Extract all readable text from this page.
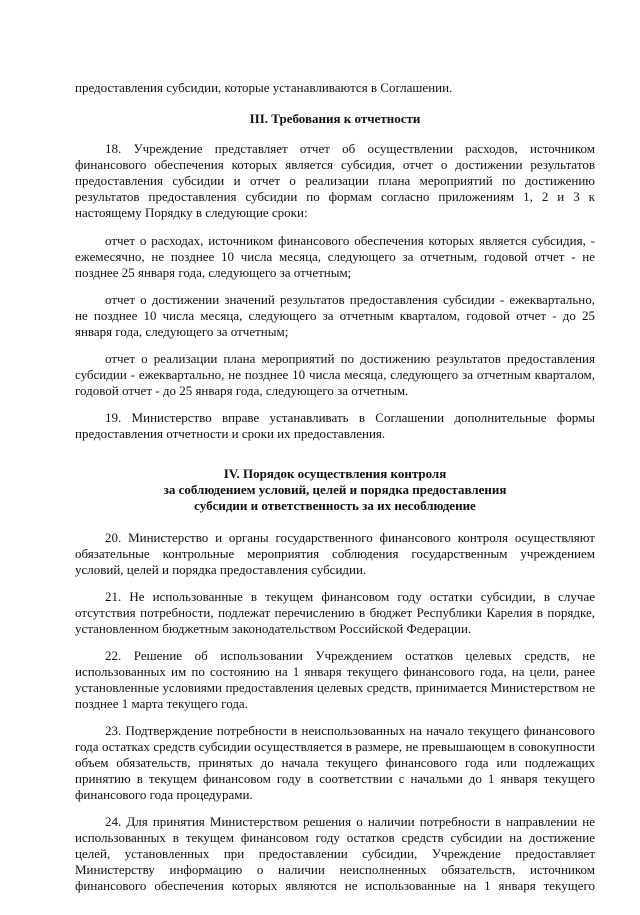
предоставления субсидии, которые устанавливаются в Соглашении.
III. Требования к отчетности
18. Учреждение представляет отчет об осуществлении расходов, источником
финансового обеспечения которых является субсидия, отчет о достижении результатов
предоставления субсидии и отчет о реализации плана мероприятий по достижению
результатов предоставления субсидии по формам согласно приложениям 1, 2 и 3 к
настоящему Порядку в следующие сроки:
отчет о расходах, источником финансового обеспечения которых является субсидия, -
ежемесячно, не позднее 10 числа месяца, следующего за отчетным, годовой отчет - не
позднее 25 января года, следующего за отчетным;
отчет о достижении значений результатов предоставления субсидии - ежеквартально,
не позднее 10 числа месяца, следующего за отчетным кварталом, годовой отчет - до 25
января года, следующего за отчетным;
отчет о реализации плана мероприятий по достижению результатов предоставления
субсидии - ежеквартально, не позднее 10 числа месяца, следующего за отчетным кварталом,
годовой отчет - до 25 января года, следующего за отчетным.
19. Министерство вправе устанавливать в Соглашении дополнительные формы
предоставления отчетности и сроки их предоставления.
IV. Порядок осуществления контроля
за соблюдением условий, целей и порядка предоставления
субсидии и ответственность за их несоблюдение
20. Министерство и органы государственного финансового контроля осуществляют
обязательные контрольные мероприятия соблюдения государственным учреждением
условий, целей и порядка предоставления субсидии.
21. Не использованные в текущем финансовом году остатки субсидии, в случае
отсутствия потребности, подлежат перечислению в бюджет Республики Карелия в порядке,
установленном бюджетным законодательством Российской Федерации.
22. Решение об использовании Учреждением остатков целевых средств, не
использованных им по состоянию на 1 января текущего финансового года, на цели, ранее
установленные условиями предоставления целевых средств, принимается Министерством не
позднее 1 марта текущего года.
23. Подтверждение потребности в неиспользованных на начало текущего финансового
года остатках средств субсидии осуществляется в размере, не превышающем в совокупности
объем обязательств, принятых до начала текущего финансового года или подлежащих
принятию в текущем финансовом году в соответствии с начальми до 1 января текущего
финансового года процедурами.
24. Для принятия Министерством решения о наличии потребности в направлении не
использованных в текущем финансовом году остатков средств субсидии на достижение
целей, установленных при предоставлении субсидии, Учреждение предоставляет
Министерству информацию о наличии неисполненных обязательств, источником
финансового обеспечения которых являются не использованные на 1 января текущего
